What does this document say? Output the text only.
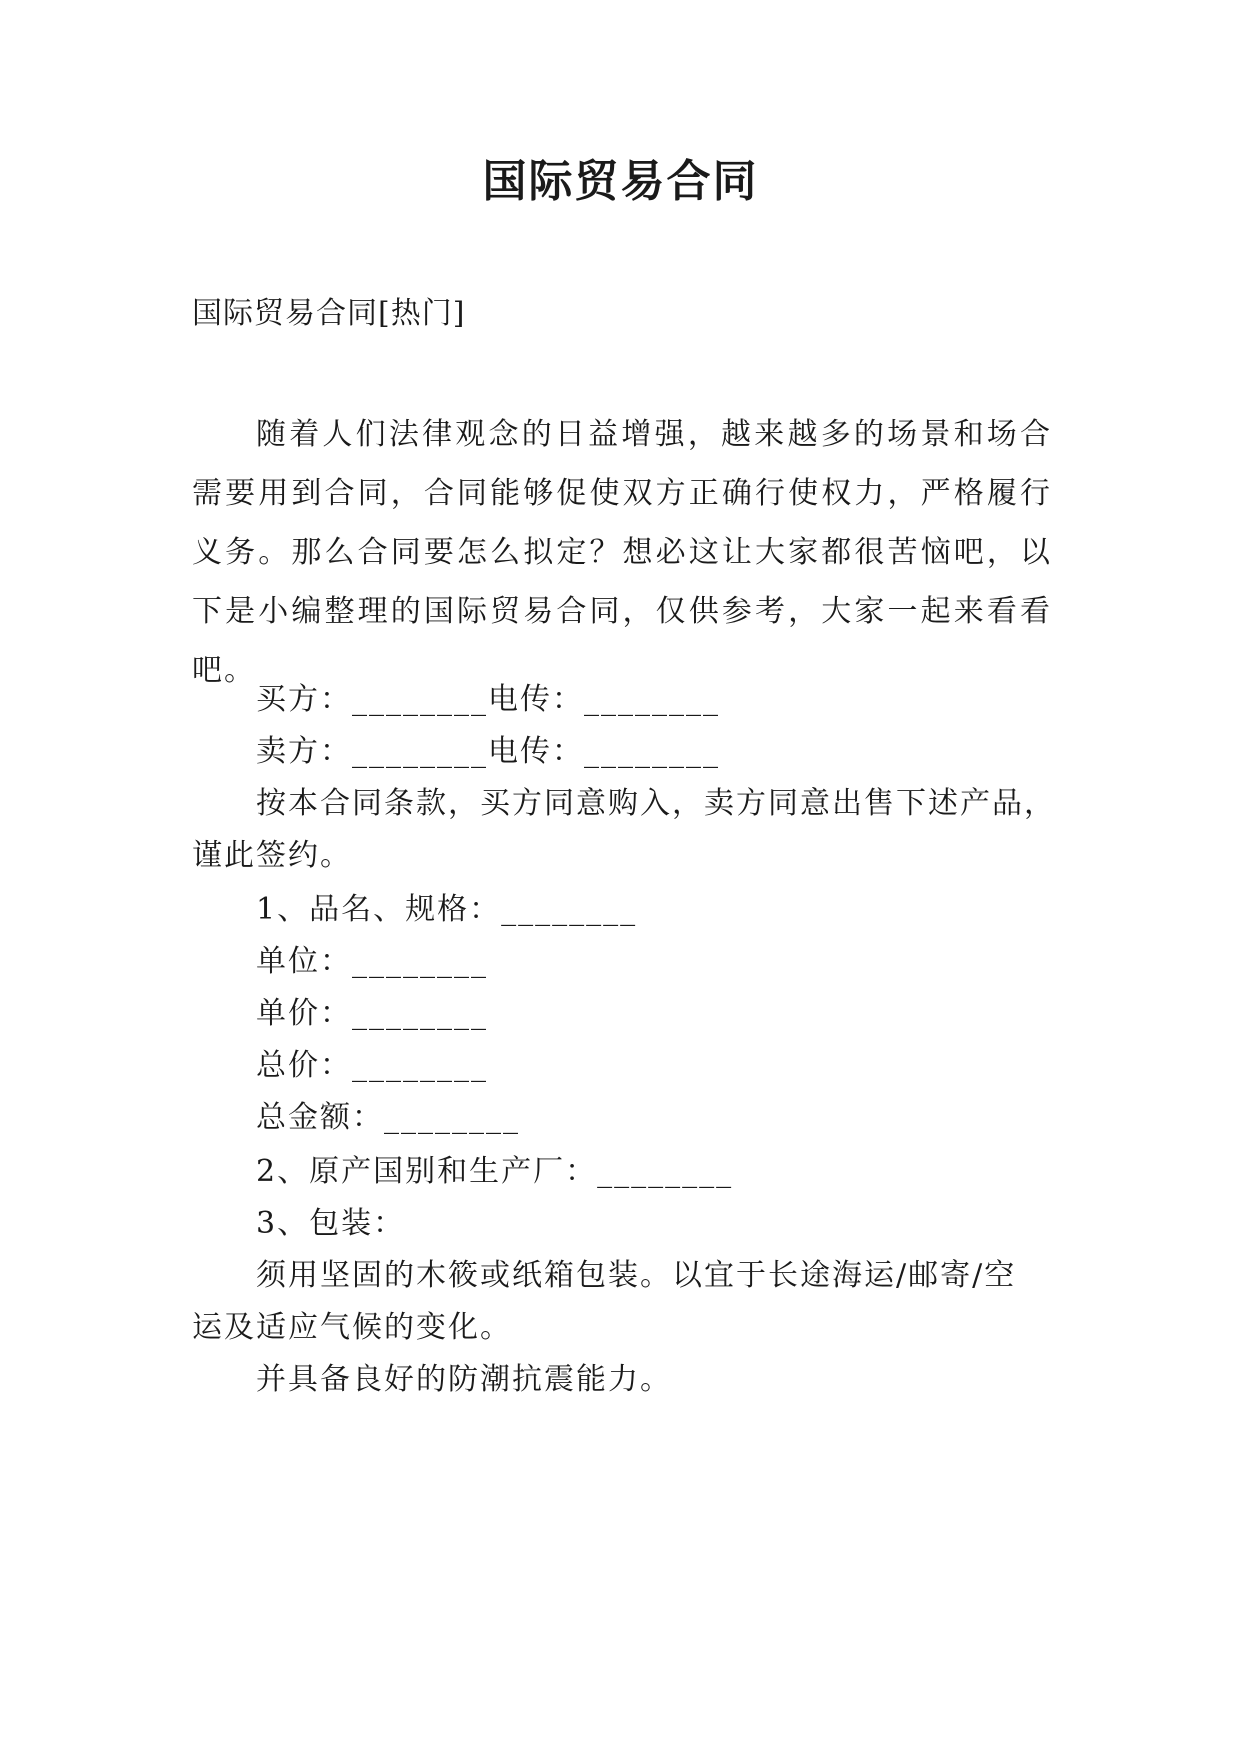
国际贸易合同

国际贸易合同[热门]

随着人们法律观念的日益增强，越来越多的场景和场合需要用到合同，合同能够促使双方正确行使权力，严格履行义务。那么合同要怎么拟定？想必这让大家都很苦恼吧，以下是小编整理的国际贸易合同，仅供参考，大家一起来看看吧。

买方：________电传：________

卖方：________电传：________

按本合同条款，买方同意购入，卖方同意出售下述产品，

谨此签约。

1、品名、规格：________

单位：________

单价：________

总价：________

总金额：________

2、原产国别和生产厂：________

3、包装：

须用坚固的木筱或纸箱包装。以宜于长途海运/邮寄/空

运及适应气候的变化。

并具备良好的防潮抗震能力。
